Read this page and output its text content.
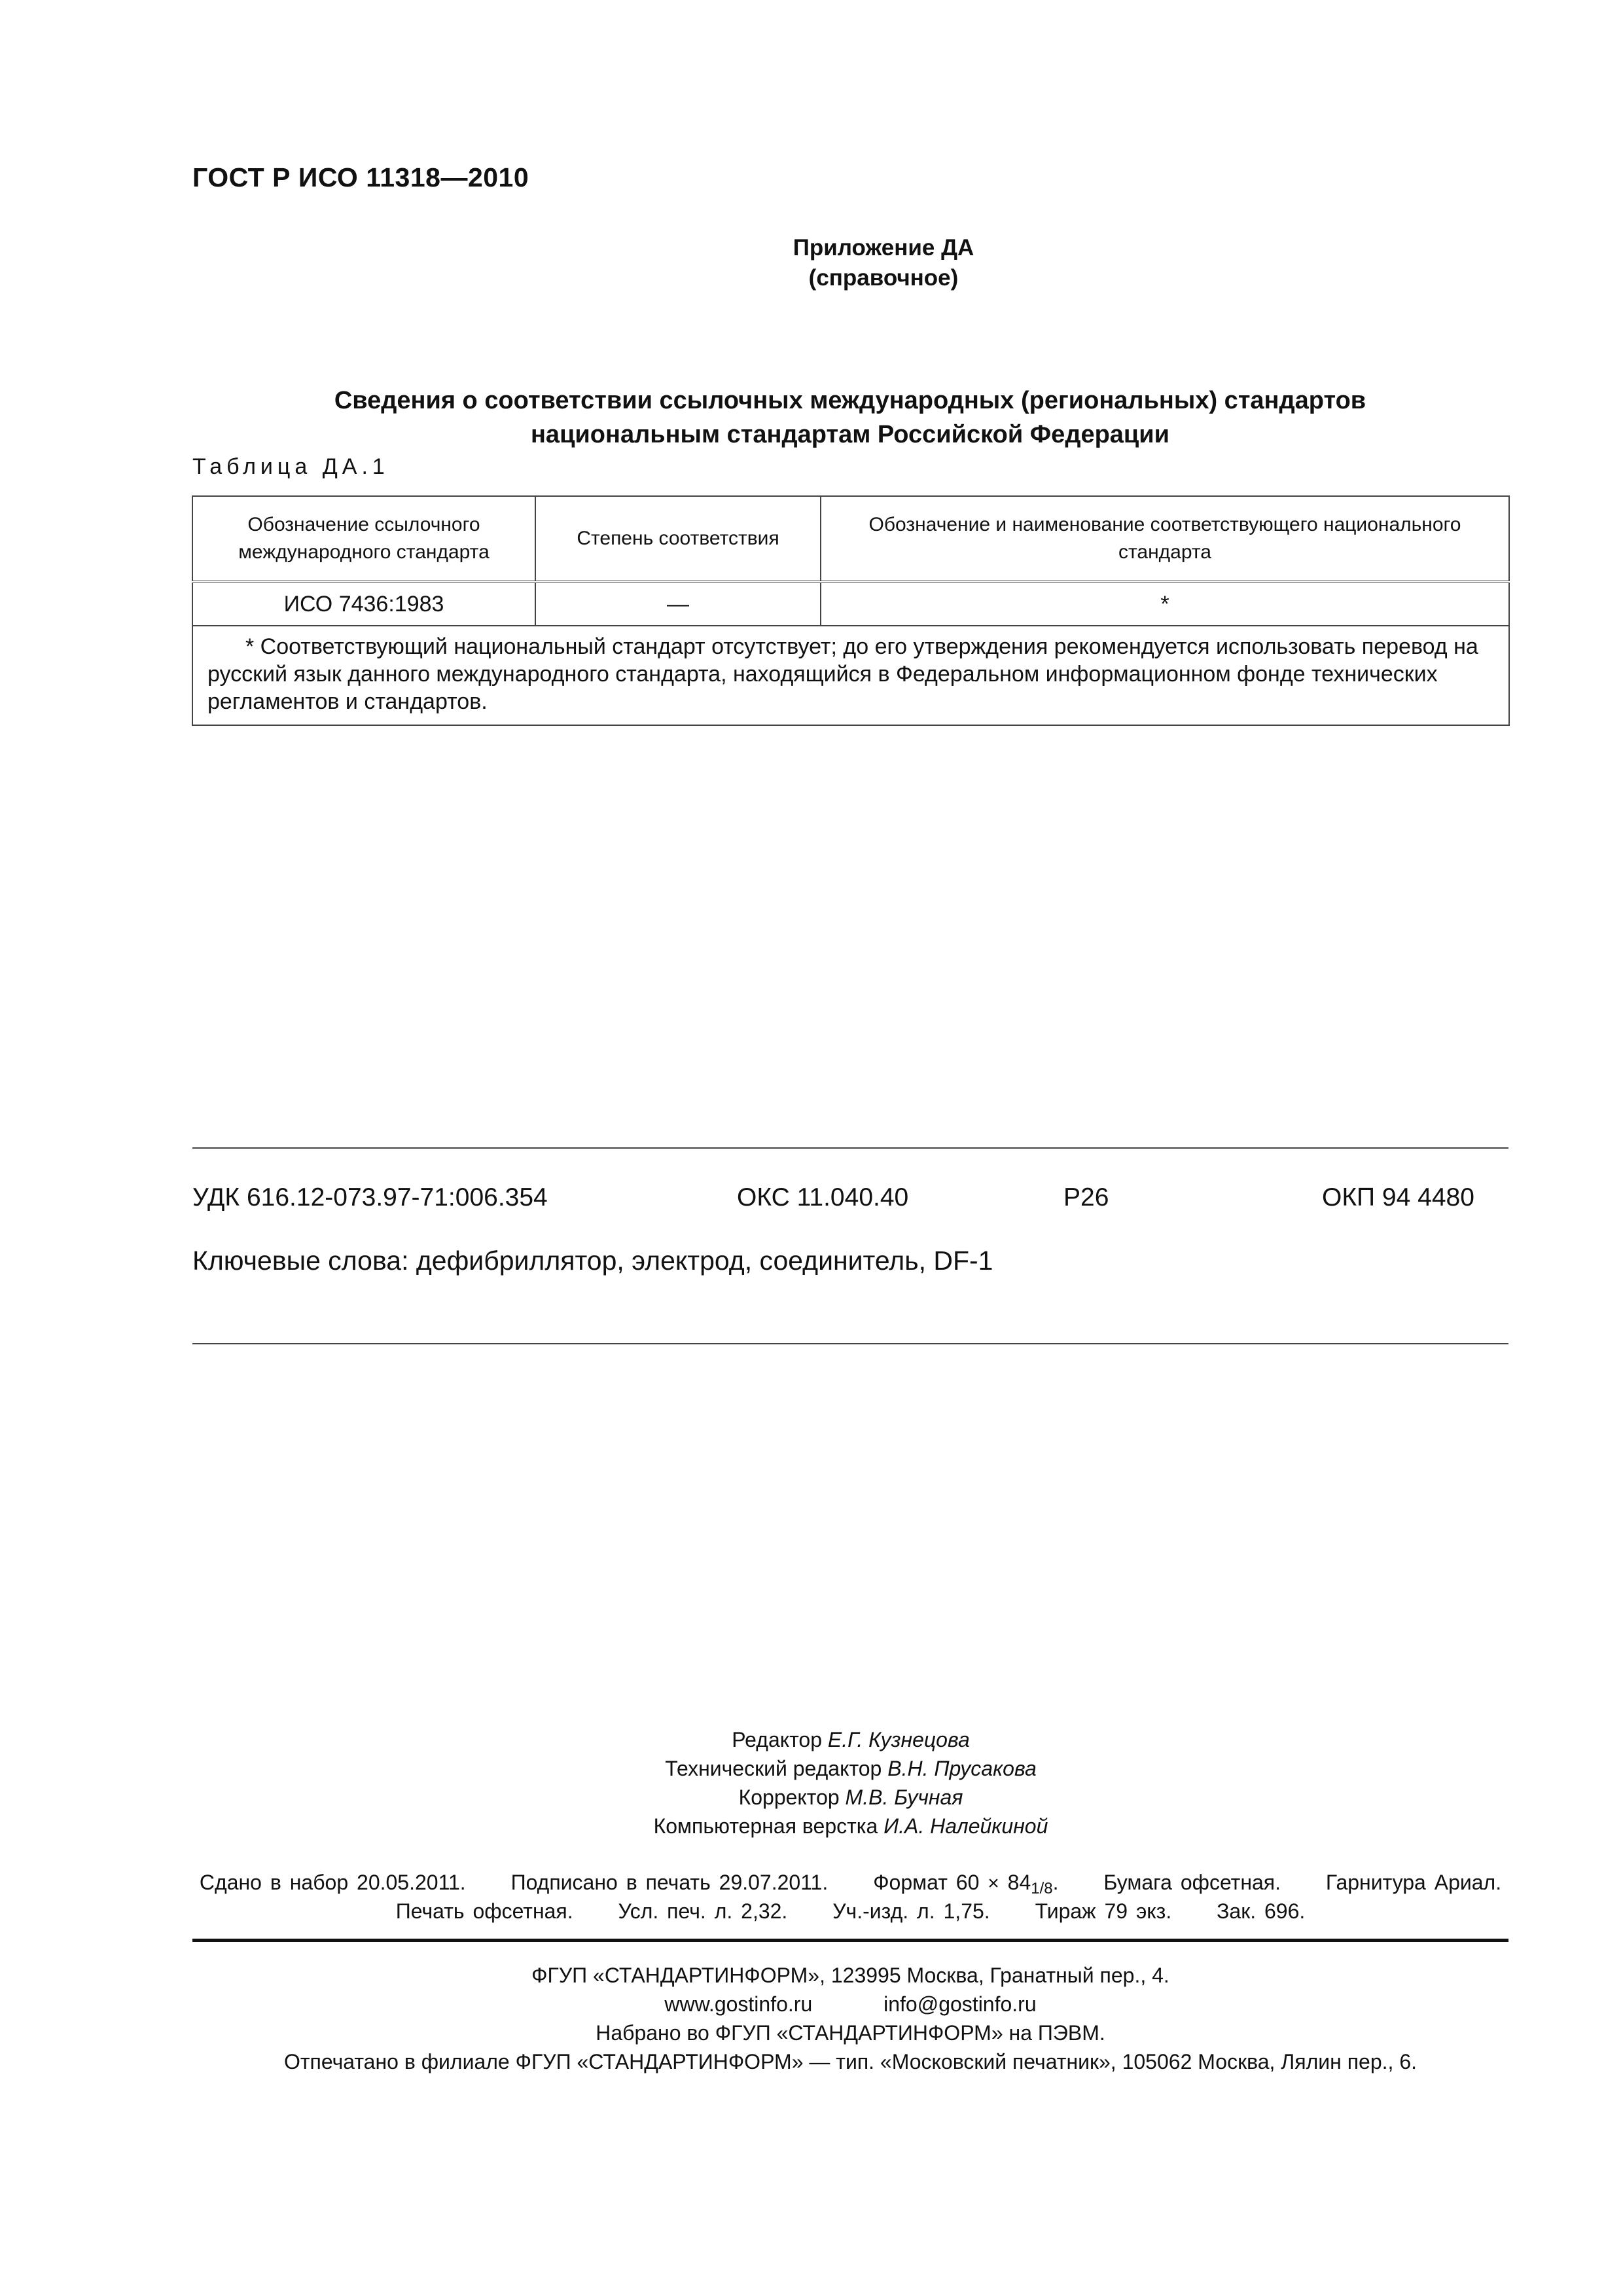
ГОСТ Р ИСО 11318—2010
Приложение ДА
(справочное)
Сведения о соответствии ссылочных международных (региональных) стандартов
национальным стандартам Российской Федерации
Таблица ДА.1
Обозначение ссылочного международного стандарта	Степень соответствия	Обозначение и наименование соответствующего национального стандарта
ИСО 7436:1983	—	*
* Соответствующий национальный стандарт отсутствует; до его утверждения рекомендуется использовать перевод на русский язык данного международного стандарта, находящийся в Федеральном информационном фонде технических регламентов и стандартов.		
УДК 616.12-073.97-71:006.354	ОКС 11.040.40	Р26	ОКП 94 4480
Ключевые слова: дефибриллятор, электрод, соединитель, DF-1
Редактор Е.Г. Кузнецова
Технический редактор В.Н. Прусакова
Корректор М.В. Бучная
Компьютерная верстка И.А. Налейкиной
Сдано в набор 20.05.2011. Подписано в печать 29.07.2011. Формат 60 × 841/8. Бумага офсетная. Гарнитура Ариал.
Печать офсетная. Усл. печ. л. 2,32. Уч.-изд. л. 1,75. Тираж 79 экз. Зак. 696.
ФГУП «СТАНДАРТИНФОРМ», 123995 Москва, Гранатный пер., 4.
www.gostinfo.ru	info@gostinfo.ru
Набрано во ФГУП «СТАНДАРТИНФОРМ» на ПЭВМ.
Отпечатано в филиале ФГУП «СТАНДАРТИНФОРМ» — тип. «Московский печатник», 105062 Москва, Лялин пер., 6.
